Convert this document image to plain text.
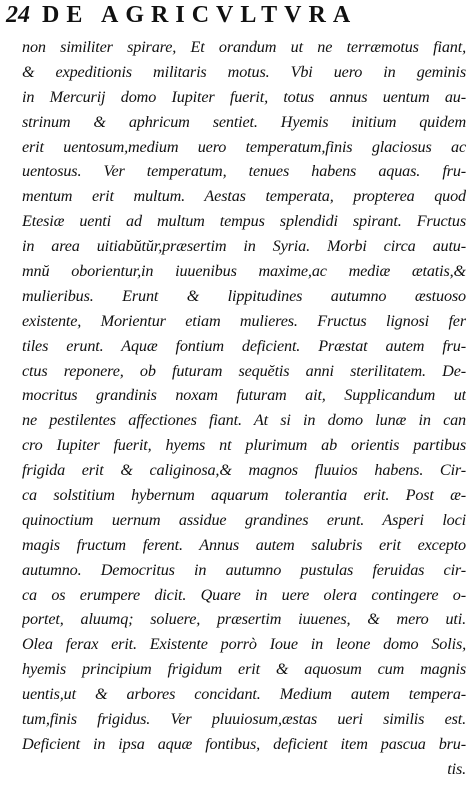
24 DE AGRICVLTVRA
non similiter spirare, Et orandum ut ne terræmotus fiant,
& expeditionis militaris motus. Vbi uero in geminis
in Mercurij domo Iupiter fuerit, totus annus uentum au-
strinum & aphricum sentiet. Hyemis initium quidem
erit uentosum,medium uero temperatum,finis glaciosus ac
uentosus. Ver temperatum, tenues habens aquas. fru-
mentum erit multum. Aestas temperata, propterea quod
Etesiæ uenti ad multum tempus splendidi spirant. Fructus
in area uitiabŭtŭr,præsertim in Syria. Morbi circa autu-
mnŭ oborientur,in iuuenibus maxime,ac mediæ ætatis,&
mulieribus. Erunt & lippitudines autumno æstuoso
existente, Morientur etiam mulieres. Fructus lignosi fer
tiles erunt. Aquæ fontium deficient. Præstat autem fru-
ctus reponere, ob futuram sequĕtis anni sterilitatem. De-
mocritus grandinis noxam futuram ait, Supplicandum ut
ne pestilentes affectiones fiant. At si in domo lunæ in can
cro Iupiter fuerit, hyems nt plurimum ab orientis partibus
frigida erit & caliginosa,& magnos fluuios habens. Cir-
ca solstitium hybernum aquarum tolerantia erit. Post æ-
quinoctium uernum assidue grandines erunt. Asperi loci
magis fructum ferent. Annus autem salubris erit excepto
autumno. Democritus in autumno pustulas feruidas cir-
ca os erumpere dicit. Quare in uere olera contingere o-
portet, aluumq; soluere, præsertim iuuenes, & mero uti.
Olea ferax erit. Existente porrò Ioue in leone domo Solis,
hyemis principium frigidum erit & aquosum cum magnis
uentis,ut & arbores concidant. Medium autem tempera-
tum,finis frigidus. Ver pluuiosum,æstas ueri similis est.
Deficient in ipsa aquæ fontibus, deficient item pascua bru-
tis.
